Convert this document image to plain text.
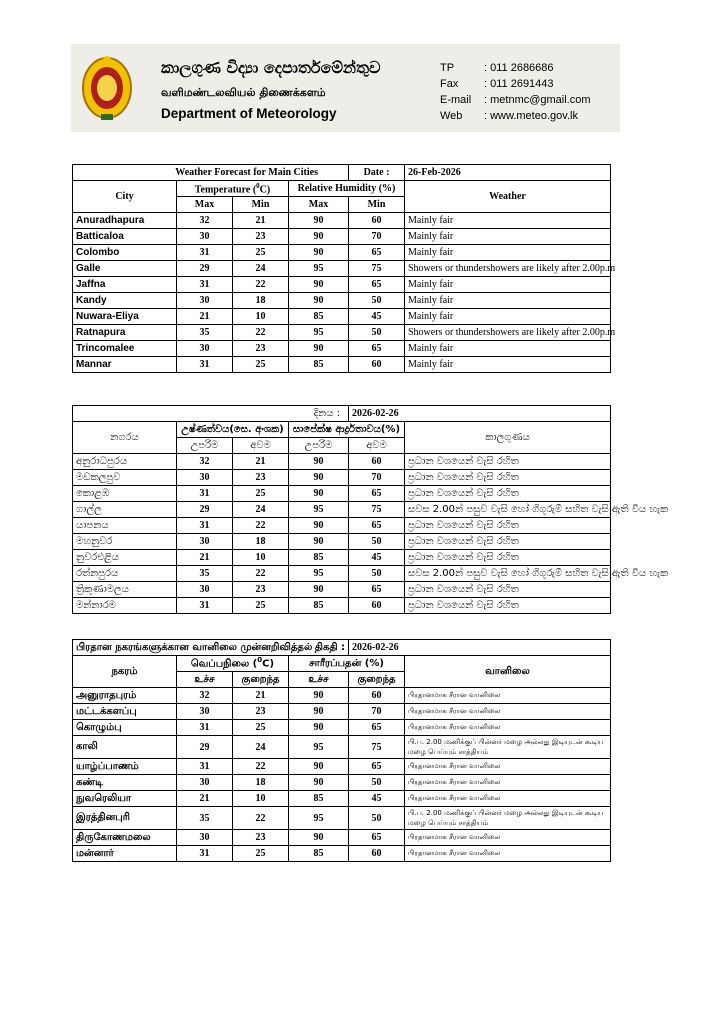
කාලගුණ විද්‍යා දෙපාර්තමේන්තුව
வளிமண்டலவியல் திணைக்களம்
Department of Meteorology
TP	: 011 2686686
Fax	: 011 2691443
E-mail	: metnmc@gmail.com
Web	: www.meteo.gov.lk
Weather Forecast for Main Cities				Date :	26-Feb-2026
City	Temperature ($^0$C)		Relative Humidity (%)		Weather
	Max	Min	Max	Min	
Anuradhapura	32	21	90	60	Mainly fair
Batticaloa	30	23	90	70	Mainly fair
Colombo	31	25	90	65	Mainly fair
Galle	29	24	95	75	Showers or thundershowers are likely after 2.00p.m
Jaffna	31	22	90	65	Mainly fair
Kandy	30	18	90	50	Mainly fair
Nuwara-Eliya	21	10	85	45	Mainly fair
Ratnapura	35	22	95	50	Showers or thundershowers are likely after 2.00p.m
Trincomalee	30	23	90	65	Mainly fair
Mannar	31	25	85	60	Mainly fair
දිනය :				2026-02-26	
නගරය	උෂ්ණත්වය(සෙ. අංශක)		සාපේක්ෂ ආර්ද්‍රතාවය(%)		කාලගුණය
	උපරිම	අවම	උපරිම	අවම	
අනුරාධපුරය	32	21	90	60	ප්‍රධාන වශයෙන් වැසි රහිත
මඩකලපුව	30	23	90	70	ප්‍රධාන වශයෙන් වැසි රහිත
කොළඹ	31	25	90	65	ප්‍රධාන වශයෙන් වැසි රහිත
ගාල්ල	29	24	95	75	සවස 2.00න් පසුව වැසි හෝ ගිගුරුම් සහිත වැසි ඇති වීය හැක
යාපනය	31	22	90	65	ප්‍රධාන වශයෙන් වැසි රහිත
මහනුවර	30	18	90	50	ප්‍රධාන වශයෙන් වැසි රහිත
නුවරඑළිය	21	10	85	45	ප්‍රධාන වශයෙන් වැසි රහිත
රත්නපුරය	35	22	95	50	සවස 2.00න් පසුව වැසි හෝ ගිගුරුම් සහිත වැසි ඇති වීය හැක
ත්‍රිකුණාමලය	30	23	90	65	ප්‍රධාන වශයෙන් වැසි රහිත
මන්නාරම	31	25	85	60	ප්‍රධාන වශයෙන් වැසි රහිත
பிரதான நகரங்களுக்கான வானிலை முன்னறிவித்தல் திகதி :				2026-02-26	
நகரம்	வெப்பநிலை ($^0$C)		சாரீரப்பதன் (%)		வானிலை
	உச்ச	குறைந்த	உச்ச	குறைந்த	
அனுராதபுரம்	32	21	90	60	பிரதானமாக சீரான வானிலை
மட்டக்களப்பு	30	23	90	70	பிரதானமாக சீரான வானிலை
கொழும்பு	31	25	90	65	பிரதானமாக சீரான வானிலை
காலி	29	24	95	75	பி.ப. 2.00 மணிக்குப் பின்னர் மழை அல்லது இடியுடன் கூடிய மழை பெய்யும் சாத்தியம்
யாழ்ப்பாணம்	31	22	90	65	பிரதானமாக சீரான வானிலை
கண்டி	30	18	90	50	பிரதானமாக சீரான வானிலை
நுவரெலியா	21	10	85	45	பிரதானமாக சீரான வானிலை
இரத்தினபுரி	35	22	95	50	பி.ப. 2.00 மணிக்குப் பின்னர் மழை அல்லது இடியுடன் கூடிய மழை பெய்யும் சாத்தியம்
திருகோணமலை	30	23	90	65	பிரதானமாக சீரான வானிலை
மன்னார்	31	25	85	60	பிரதானமாக சீரான வானிலை
